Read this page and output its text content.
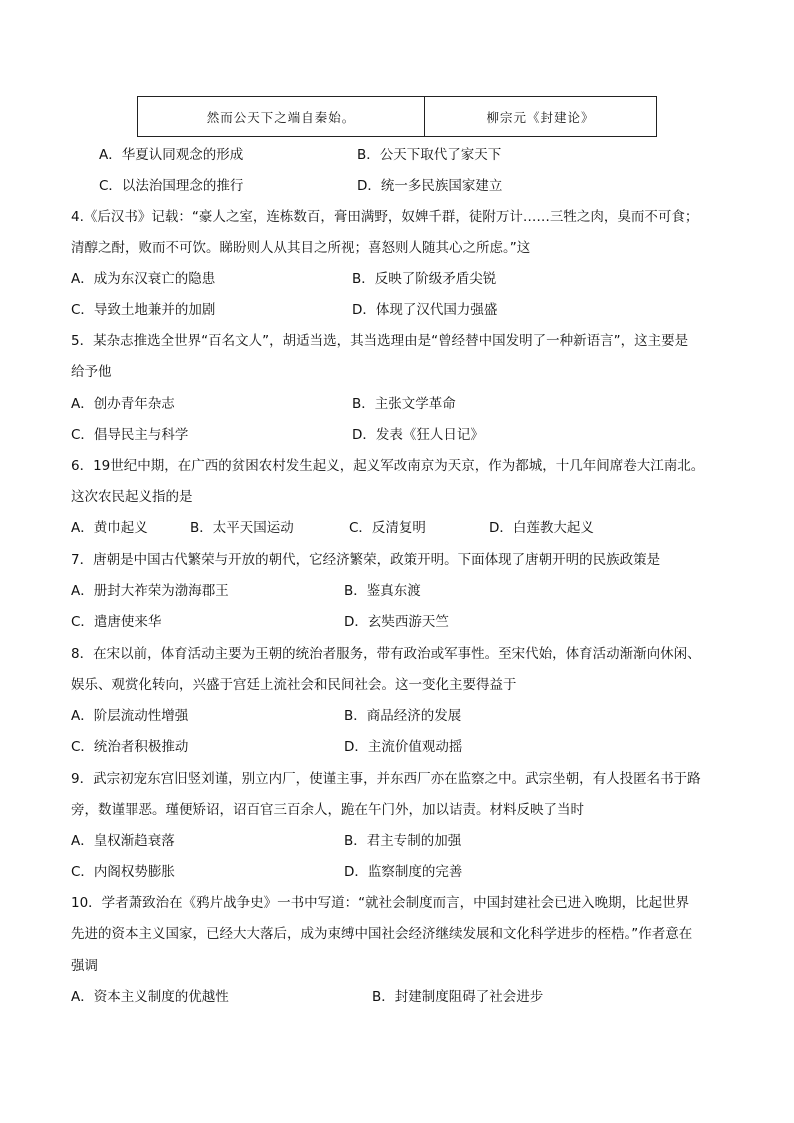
然而公天下之端自秦始。	柳宗元《封建论》
A．华夏认同观念的形成	B．公天下取代了家天下
C．以法治国理念的推行	D．统一多民族国家建立
4.《后汉书》记载：“豪人之室，连栋数百，膏田满野，奴婢千群，徒附万计……三牲之肉，臭而不可食；
清醇之酎，败而不可饮。睇盼则人从其目之所视；喜怒则人随其心之所虑。”这
A．成为东汉衰亡的隐患	B．反映了阶级矛盾尖锐
C．导致土地兼并的加剧	D．体现了汉代国力强盛
5．某杂志推选全世界“百名文人”，胡适当选，其当选理由是“曾经替中国发明了一种新语言”，这主要是
给予他
A．创办青年杂志	B．主张文学革命
C．倡导民主与科学	D．发表《狂人日记》
6．19世纪中期，在广西的贫困农村发生起义，起义军改南京为天京，作为都城，十几年间席卷大江南北。
这次农民起义指的是
A．黄巾起义	B．太平天国运动	C．反清复明	D．白莲教大起义
7．唐朝是中国古代繁荣与开放的朝代，它经济繁荣，政策开明。下面体现了唐朝开明的民族政策是
A．册封大祚荣为渤海郡王	B．鉴真东渡
C．遣唐使来华	D．玄奘西游天竺
8．在宋以前，体育活动主要为王朝的统治者服务，带有政治或军事性。至宋代始，体育活动渐渐向休闲、
娱乐、观赏化转向，兴盛于宫廷上流社会和民间社会。这一变化主要得益于
A．阶层流动性增强	B．商品经济的发展
C．统治者积极推动	D．主流价值观动摇
9．武宗初宠东宫旧竖刘谨，别立内厂，使谨主事，并东西厂亦在监察之中。武宗坐朝，有人投匿名书于路
旁，数谨罪恶。瑾便矫诏，诏百官三百余人，跪在午门外，加以诘责。材料反映了当时
A．皇权渐趋衰落	B．君主专制的加强
C．内阁权势膨胀	D．监察制度的完善
10．学者萧致治在《鸦片战争史》一书中写道：“就社会制度而言，中国封建社会已进入晚期，比起世界
先进的资本主义国家，已经大大落后，成为束缚中国社会经济继续发展和文化科学进步的桎梏。”作者意在
强调
A．资本主义制度的优越性	B．封建制度阻碍了社会进步
